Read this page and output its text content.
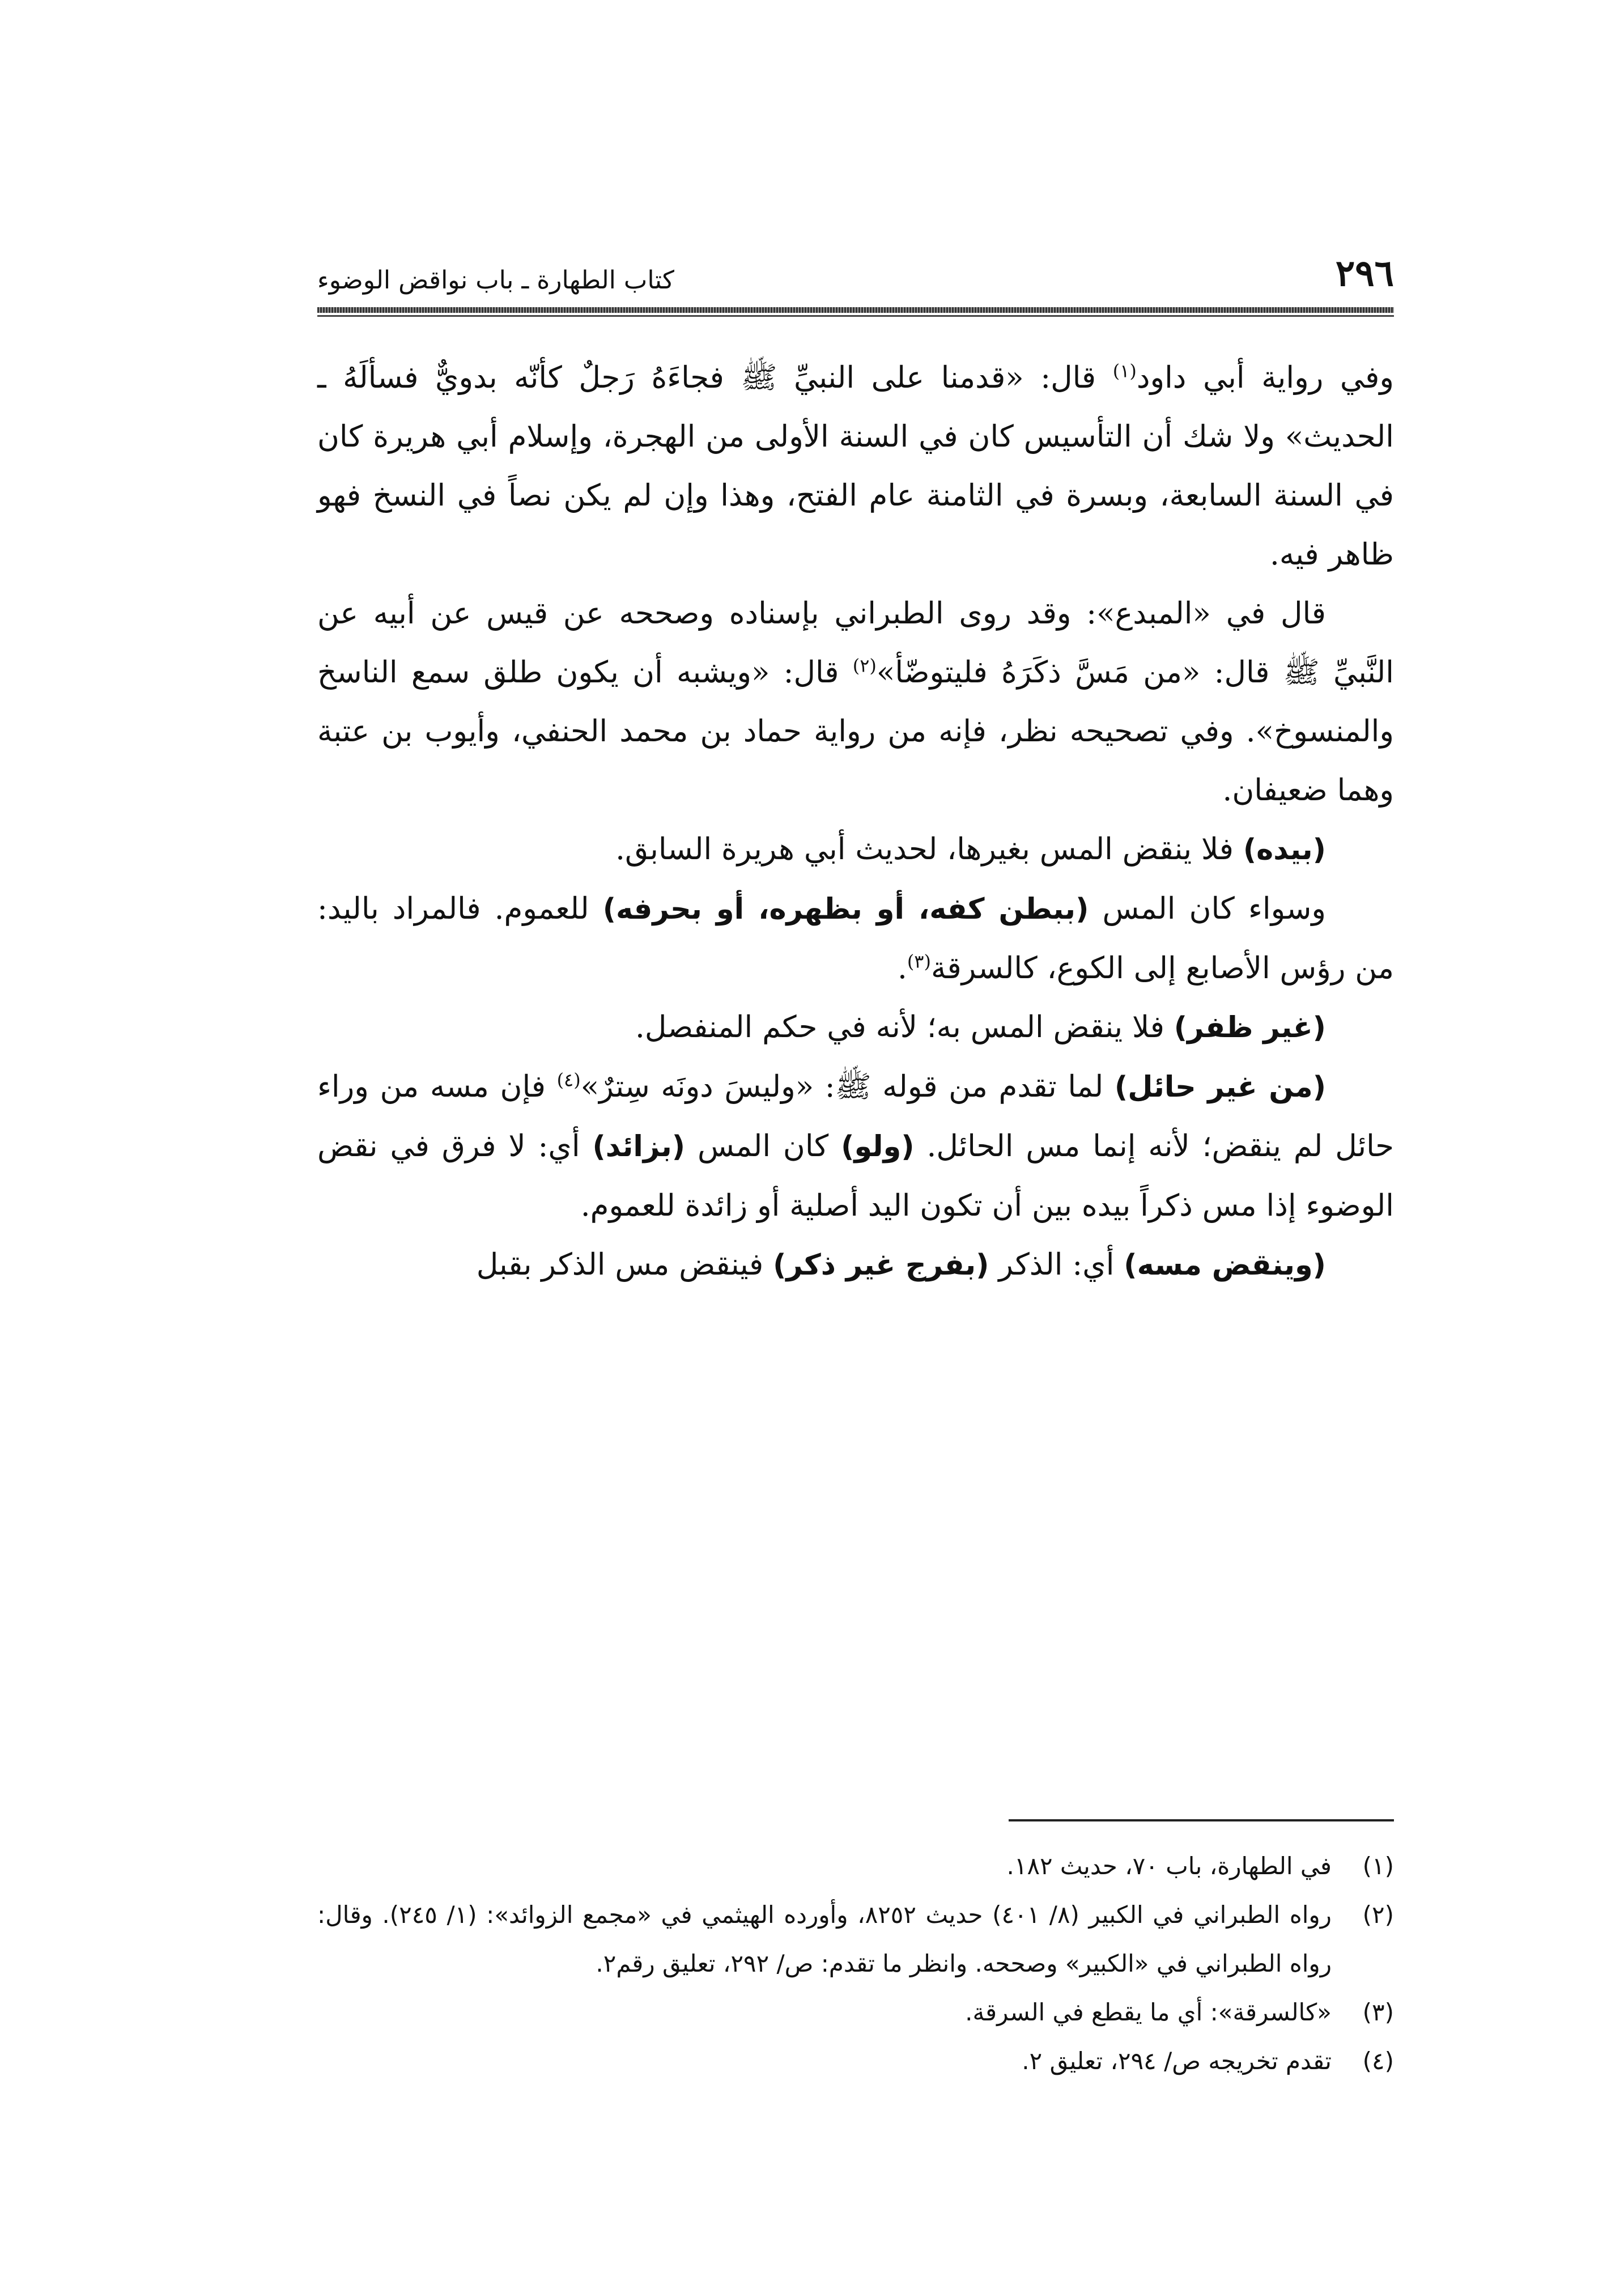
٢٩٦
كتاب الطهارة ـ باب نواقض الوضوء

وفي رواية أبي داود$^{(١)}$ قال: «قدمنا على النبيِّ ﷺ فجاءَهُ رَجلٌ كأنّه بدويٌّ فسألَهُ ـ الحديث» ولا شك أن التأسيس كان في السنة الأولى من الهجرة، وإسلام أبي هريرة كان في السنة السابعة، وبسرة في الثامنة عام الفتح، وهذا وإن لم يكن نصاً في النسخ فهو ظاهر فيه.

قال في «المبدع»: وقد روى الطبراني بإسناده وصححه عن قيس عن أبيه عن النَّبيِّ ﷺ قال: «من مَسَّ ذكَرَهُ فليتوضّأ»$^{(٢)}$ قال: «ويشبه أن يكون طلق سمع الناسخ والمنسوخ». وفي تصحيحه نظر، فإنه من رواية حماد بن محمد الحنفي، وأيوب بن عتبة وهما ضعيفان.

(بيده) فلا ينقض المس بغيرها، لحديث أبي هريرة السابق.

وسواء كان المس (ببطن كفه، أو بظهره، أو بحرفه) للعموم. فالمراد باليد: من رؤس الأصابع إلى الكوع، كالسرقة$^{(٣)}$.

(غير ظفر) فلا ينقض المس به؛ لأنه في حكم المنفصل.

(من غير حائل) لما تقدم من قوله ﷺ: «وليسَ دونَه سِترٌ»$^{(٤)}$ فإن مسه من وراء حائل لم ينقض؛ لأنه إنما مس الحائل. (ولو) كان المس (بزائد) أي: لا فرق في نقض الوضوء إذا مس ذكراً بيده بين أن تكون اليد أصلية أو زائدة للعموم.

(وينقض مسه) أي: الذكر (بفرج غير ذكر) فينقض مس الذكر بقبل

(١)
في الطهارة، باب ٧٠، حديث ١٨٢.
(٢)
رواه الطبراني في الكبير (٨/ ٤٠١) حديث ٨٢٥٢، وأورده الهيثمي في «مجمع الزوائد»: (١/ ٢٤٥). وقال: رواه الطبراني في «الكبير» وصححه. وانظر ما تقدم: ص/ ٢٩٢، تعليق رقم٢.
(٣)
«كالسرقة»: أي ما يقطع في السرقة.
(٤)
تقدم تخريجه ص/ ٢٩٤، تعليق ٢.
